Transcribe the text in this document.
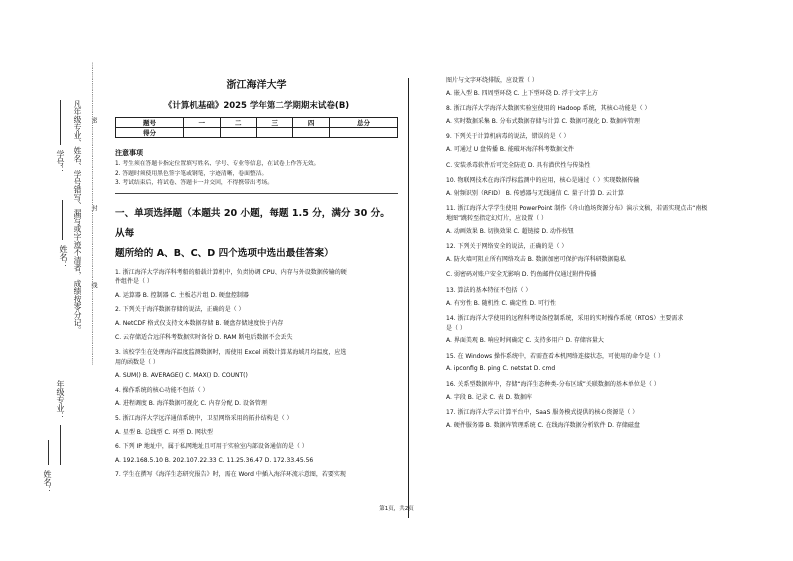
学号：
姓名：
年级专业：
凡年级专业、姓名、学号错写、漏写或字迹不清者，成绩按零分记。	…………………………密………………………………………封…………………………………线……………………………………
姓名：
浙江海洋大学
《计算机基础》2025 学年第二学期期末试卷(B)
题号	一	二	三	四	总分
得分					
注意事项
1. 考生须在答题卡指定位置填写姓名、学号、专业等信息，在试卷上作答无效。
2. 答题时须使用黑色签字笔或钢笔，字迹清晰，卷面整洁。
3. 考试结束后，将试卷、答题卡一并交回，不得携带出考场。
一、单项选择题（本题共 20 小题，每题 1.5 分，满分 30 分。从每
题所给的 A、B、C、D 四个选项中选出最佳答案）
1. 浙江海洋大学海洋科考船的船载计算机中，负责协调 CPU、内存与外设数据传输的硬
件组件是（ ）
A. 运算器 B. 控制器 C. 主板芯片组 D. 硬盘控制器
2. 下列关于海洋数据存储的说法，正确的是（ ）
A. NetCDF 格式仅支持文本数据存储 B. 硬盘存储速度快于内存
C. 云存储适合远洋科考数据实时备份 D. RAM 断电后数据不会丢失
3. 该校学生在处理海洋温度监测数据时，需使用 Excel 函数计算某海域月均温度，应选
用的函数是（ ）
A. SUM() B. AVERAGE() C. MAX() D. COUNT()
4. 操作系统的核心功能不包括（ ）
A. 进程调度 B. 海洋数据可视化 C. 内存分配 D. 设备管理
5. 浙江海洋大学远洋通信系统中，卫星网络采用的拓扑结构是（ ）
A. 星型 B. 总线型 C. 环型 D. 网状型
6. 下列 IP 地址中，属于私网地址且可用于实验室内部设备通信的是（ ）
A. 192.168.5.10 B. 202.107.22.33 C. 11.25.36.47 D. 172.33.45.56
7. 学生在撰写《海洋生态研究报告》时，需在 Word 中插入海洋环流示意图，若要实现
图片与文字环绕排版，应设置（ ）
A. 嵌入型 B. 四周型环绕 C. 上下型环绕 D. 浮于文字上方
8. 浙江海洋大学海洋大数据实验室使用的 Hadoop 系统，其核心功能是（ ）
A. 实时数据采集 B. 分布式数据存储与计算 C. 数据可视化 D. 数据库管理
9. 下列关于计算机病毒的说法，错误的是（ ）
A. 可通过 U 盘传播 B. 能破坏海洋科考数据文件
C. 安装杀毒软件后可完全防范 D. 具有潜伏性与传染性
10. 物联网技术在海洋浮标监测中的应用，核心是通过（ ）实现数据传输
A. 射频识别（RFID） B. 传感器与无线通信 C. 量子计算 D. 云计算
11. 浙江海洋大学学生使用 PowerPoint 制作《舟山渔场资源分布》演示文稿，若需实现点击“南极
地图”跳转至指定幻灯片，应设置（ ）
A. 动画效果 B. 切换效果 C. 超链接 D. 动作按钮
12. 下列关于网络安全的说法，正确的是（ ）
A. 防火墙可阻止所有网络攻击 B. 数据加密可保护海洋科研数据隐私
C. 弱密码对账户安全无影响 D. 钓鱼邮件仅通过附件传播
13. 算法的基本特征不包括（ ）
A. 有穷性 B. 随机性 C. 确定性 D. 可行性
14. 浙江海洋大学使用的远程科考设备控制系统，采用的实时操作系统（RTOS）主要需求
是（ ）
A. 界面美观 B. 响应时间确定 C. 支持多用户 D. 存储容量大
15. 在 Windows 操作系统中，若需查看本机网络连接状态，可使用的命令是（ ）
A. ipconfig B. ping C. netstat D. cmd
16. 关系型数据库中，存储“海洋生态种类-分布区域”关联数据的基本单位是（ ）
A. 字段 B. 记录 C. 表 D. 数据库
17. 浙江海洋大学云计算平台中，SaaS 服务模式提供的核心资源是（ ）
A. 硬件服务器 B. 数据库管理系统 C. 在线海洋数据分析软件 D. 存储磁盘
第1页，共2页
